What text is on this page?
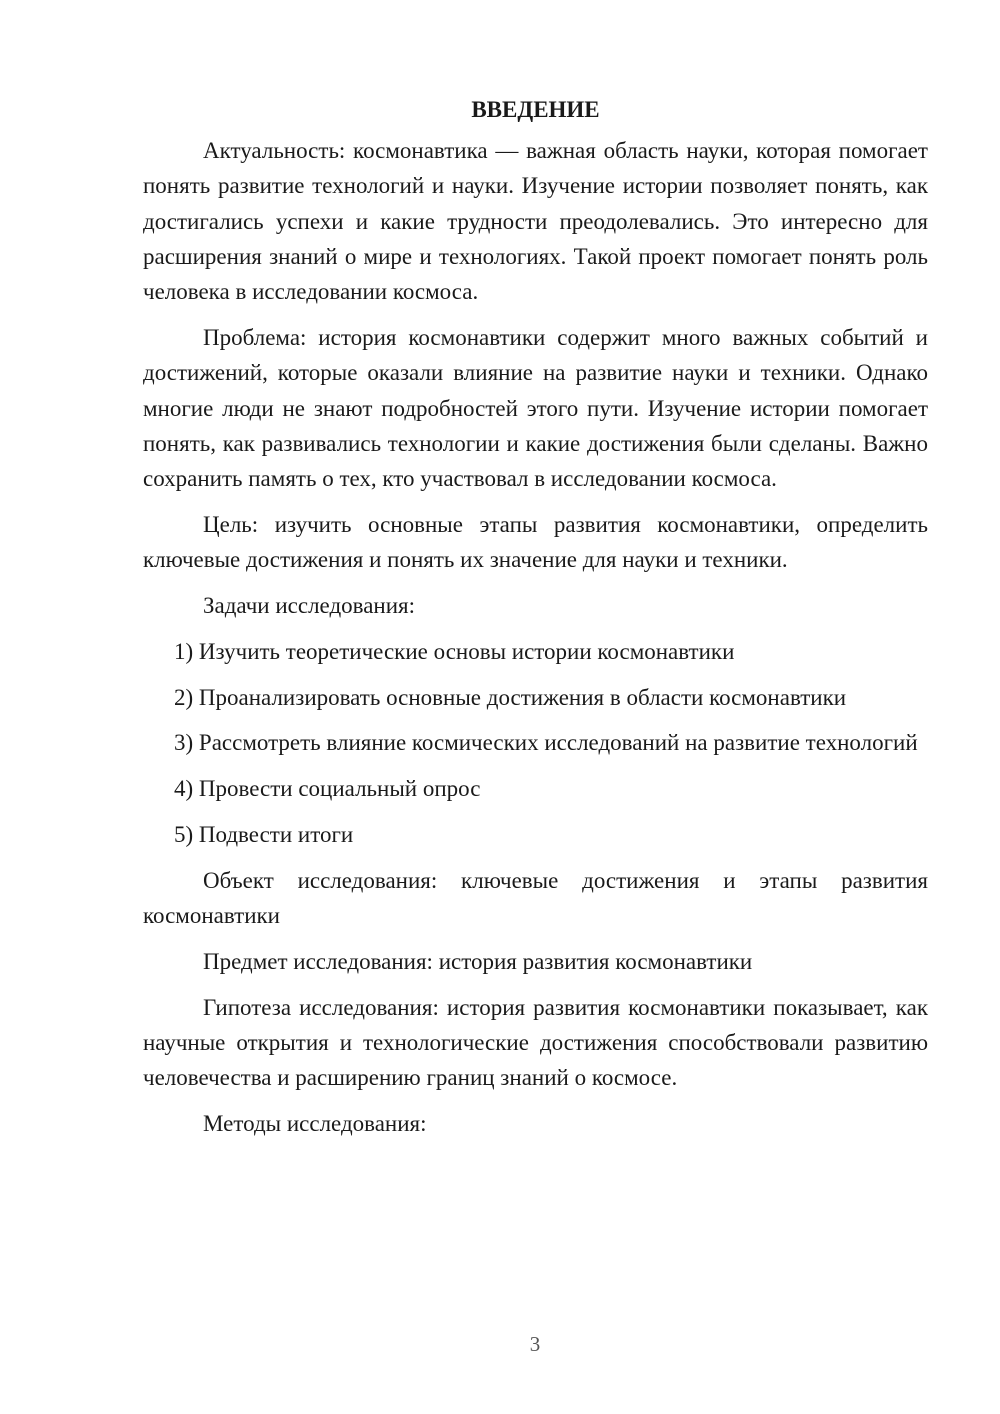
ВВЕДЕНИЕ

Актуальность: космонавтика — важная область науки, которая помогает понять развитие технологий и науки. Изучение истории позволяет понять, как достигались успехи и какие трудности преодолевались. Это интересно для расширения знаний о мире и технологиях. Такой проект помогает понять роль человека в исследовании космоса.

Проблема: история космонавтики содержит много важных событий и достижений, которые оказали влияние на развитие науки и техники. Однако многие люди не знают подробностей этого пути. Изучение истории помогает понять, как развивались технологии и какие достижения были сделаны. Важно сохранить память о тех, кто участвовал в исследовании космоса.

Цель: изучить основные этапы развития космонавтики, определить ключевые достижения и понять их значение для науки и техники.

Задачи исследования:

1) Изучить теоретические основы истории космонавтики

2) Проанализировать основные достижения в области космонавтики

3) Рассмотреть влияние космических исследований на развитие технологий

4) Провести социальный опрос

5) Подвести итоги

Объект исследования: ключевые достижения и этапы развития космонавтики

Предмет исследования: история развития космонавтики

Гипотеза исследования: история развития космонавтики показывает, как научные открытия и технологические достижения способствовали развитию человечества и расширению границ знаний о космосе.

Методы исследования:

3
